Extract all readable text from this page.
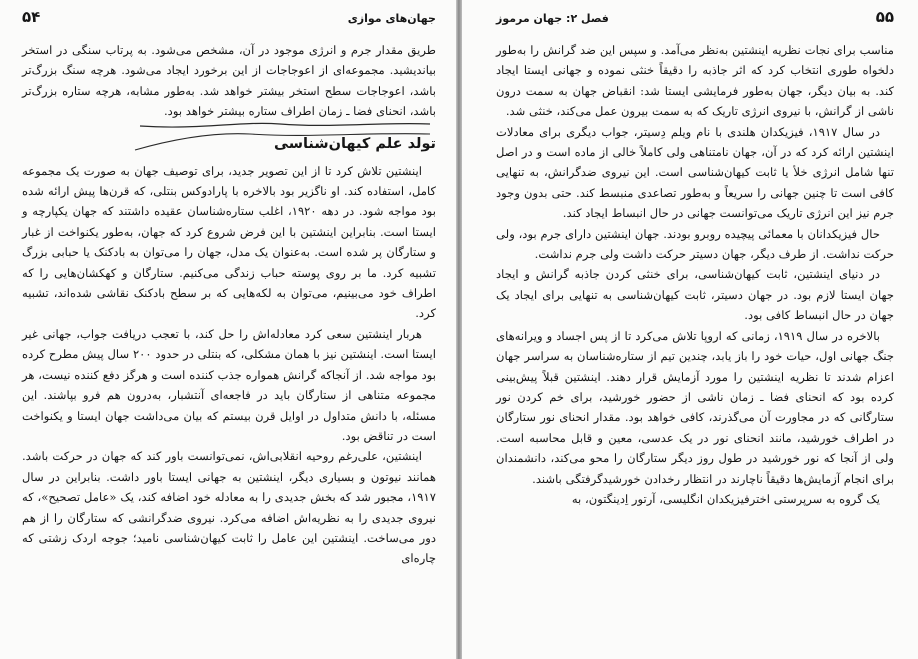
جهان‌های موازی
۵۴

طریق مقدار جرم و انرژی موجود در آن، مشخص می‌شود. به پرتاب سنگی در استخر بیاندیشید. مجموعه‌ای از اعوجاجات از این برخورد ایجاد می‌شود. هرچه سنگ بزرگ‌تر باشد، اعوجاجات سطح استخر بیشتر خواهد شد. به‌طور مشابه، هرچه ستاره بزرگ‌تر باشد، انحنای فضا ـ زمان اطراف ستاره بیشتر خواهد بود.

تولد علم کیهان‌شناسی

اینشتین تلاش کرد تا از این تصویر جدید، برای توصیف جهان به صورت یک مجموعه کامل، استفاده کند. او ناگزیر بود بالاخره با پارادوکس بنتلی، که قرن‌ها پیش ارائه شده بود مواجه شود. در دهه ۱۹۲۰، اغلب ستاره‌شناسان عقیده داشتند که جهان یکپارچه و ایستا است. بنابراین اینشتین با این فرض شروع کرد که جهان، به‌طور یکنواخت از غبار و ستارگان پر شده است. به‌عنوان یک مدل، جهان را می‌توان به بادکنک یا حبابی بزرگ تشبیه کرد. ما بر روی پوسته حباب زندگی می‌کنیم. ستارگان و کهکشان‌هایی را که اطراف خود می‌بینیم، می‌توان به لکه‌هایی که بر سطح بادکنک نقاشی شده‌اند، تشبیه کرد.

هربار اینشتین سعی کرد معادله‌اش را حل کند، با تعجب دریافت جواب، جهانی غیر ایستا است. اینشتین نیز با همان مشکلی، که بنتلی در حدود ۲۰۰ سال پیش مطرح کرده بود مواجه شد. از آنجاکه گرانش همواره جذب کننده است و هرگز دفع کننده نیست، هر مجموعه متناهی از ستارگان باید در فاجعه‌ای آنتشبار، به‌درون هم فرو بپاشند. این مسئله، با دانش متداول در اوایل قرن بیستم که بیان می‌داشت جهان ایستا و یکنواخت است در تناقض بود.

اینشتین، علی‌رغم روحیه انقلابی‌اش، نمی‌توانست باور کند که جهان در حرکت باشد. همانند نیوتون و بسیاری دیگر، اینشتین به جهانی ایستا باور داشت. بنابراین در سال ۱۹۱۷، مجبور شد که بخش جدیدی را به معادله خود اضافه کند، یک «عامل تصحیح»، که نیروی جدیدی را به نظریه‌اش اضافه می‌کرد. نیروی ضدگرانشی که ستارگان را از هم دور می‌ساخت. اینشتین این عامل را ثابت کیهان‌شناسی نامید؛ جوجه اردک زشتی که چاره‌ای

۵۵
فصل ۲: جهان مرموز

مناسب برای نجات نظریه اینشتین به‌نظر می‌آمد. و سپس این ضد گرانش را به‌طور دلخواه طوری انتخاب کرد که اثر جاذبه را دقیقاً خنثی نموده و جهانی ایستا ایجاد کند. به بیان دیگر، جهان به‌طور فرمایشی ایستا شد: انقباض جهان به سمت درون ناشی از گرانش، با نیروی انرژی تاریک که به سمت بیرون عمل می‌کند، خنثی شد.

در سال ۱۹۱۷، فیزیکدان هلندی با نام ویلم دِسیتر، جواب دیگری برای معادلات اینشتین ارائه کرد که در آن، جهان نامتناهی ولی کاملاً خالی از ماده است و در اصل تنها شامل انرژی خلأ یا ثابت کیهان‌شناسی است. این نیروی ضدگرانش، به تنهایی کافی است تا چنین جهانی را سریعاً و به‌طور تصاعدی منبسط کند. حتی بدون وجود جرم نیز این انرژی تاریک می‌توانست جهانی در حال انبساط ایجاد کند.

حال فیزیکدانان با معمائی پیچیده روبرو بودند. جهان اینشتین دارای جرم بود، ولی حرکت نداشت. از طرف دیگر، جهان دسیتر حرکت داشت ولی جرم نداشت.

در دنیای اینشتین، ثابت کیهان‌شناسی، برای خنثی کردن جاذبه گرانش و ایجاد جهان ایستا لازم بود. در جهان دسیتر، ثابت کیهان‌شناسی به تنهایی برای ایجاد یک جهان در حال انبساط کافی بود.

بالاخره در سال ۱۹۱۹، زمانی که اروپا تلاش می‌کرد تا از پس اجساد و ویرانه‌های جنگ جهانی اول، حیات خود را باز یابد، چندین تیم از ستاره‌شناسان به سراسر جهان اعزام شدند تا نظریه اینشتین را مورد آزمایش قرار دهند. اینشتین قبلاً پیش‌بینی کرده بود که انحنای فضا ـ زمان ناشی از حضور خورشید، برای خم کردن نور ستارگانی که در مجاورت آن می‌گذرند، کافی خواهد بود. مقدار انحنای نور ستارگان در اطراف خورشید، مانند انحنای نور در یک عدسی، معین و قابل محاسبه است. ولی از آنجا که نور خورشید در طول روز دیگر ستارگان را محو می‌کند، دانشمندان برای انجام آزمایش‌ها دقیقاً ناچارند در انتظار رخدادن خورشیدگرفتگی باشند.

یک گروه به سرپرستی اخترفیزیکدان انگلیسی، آرتور اِدینگتون، به
